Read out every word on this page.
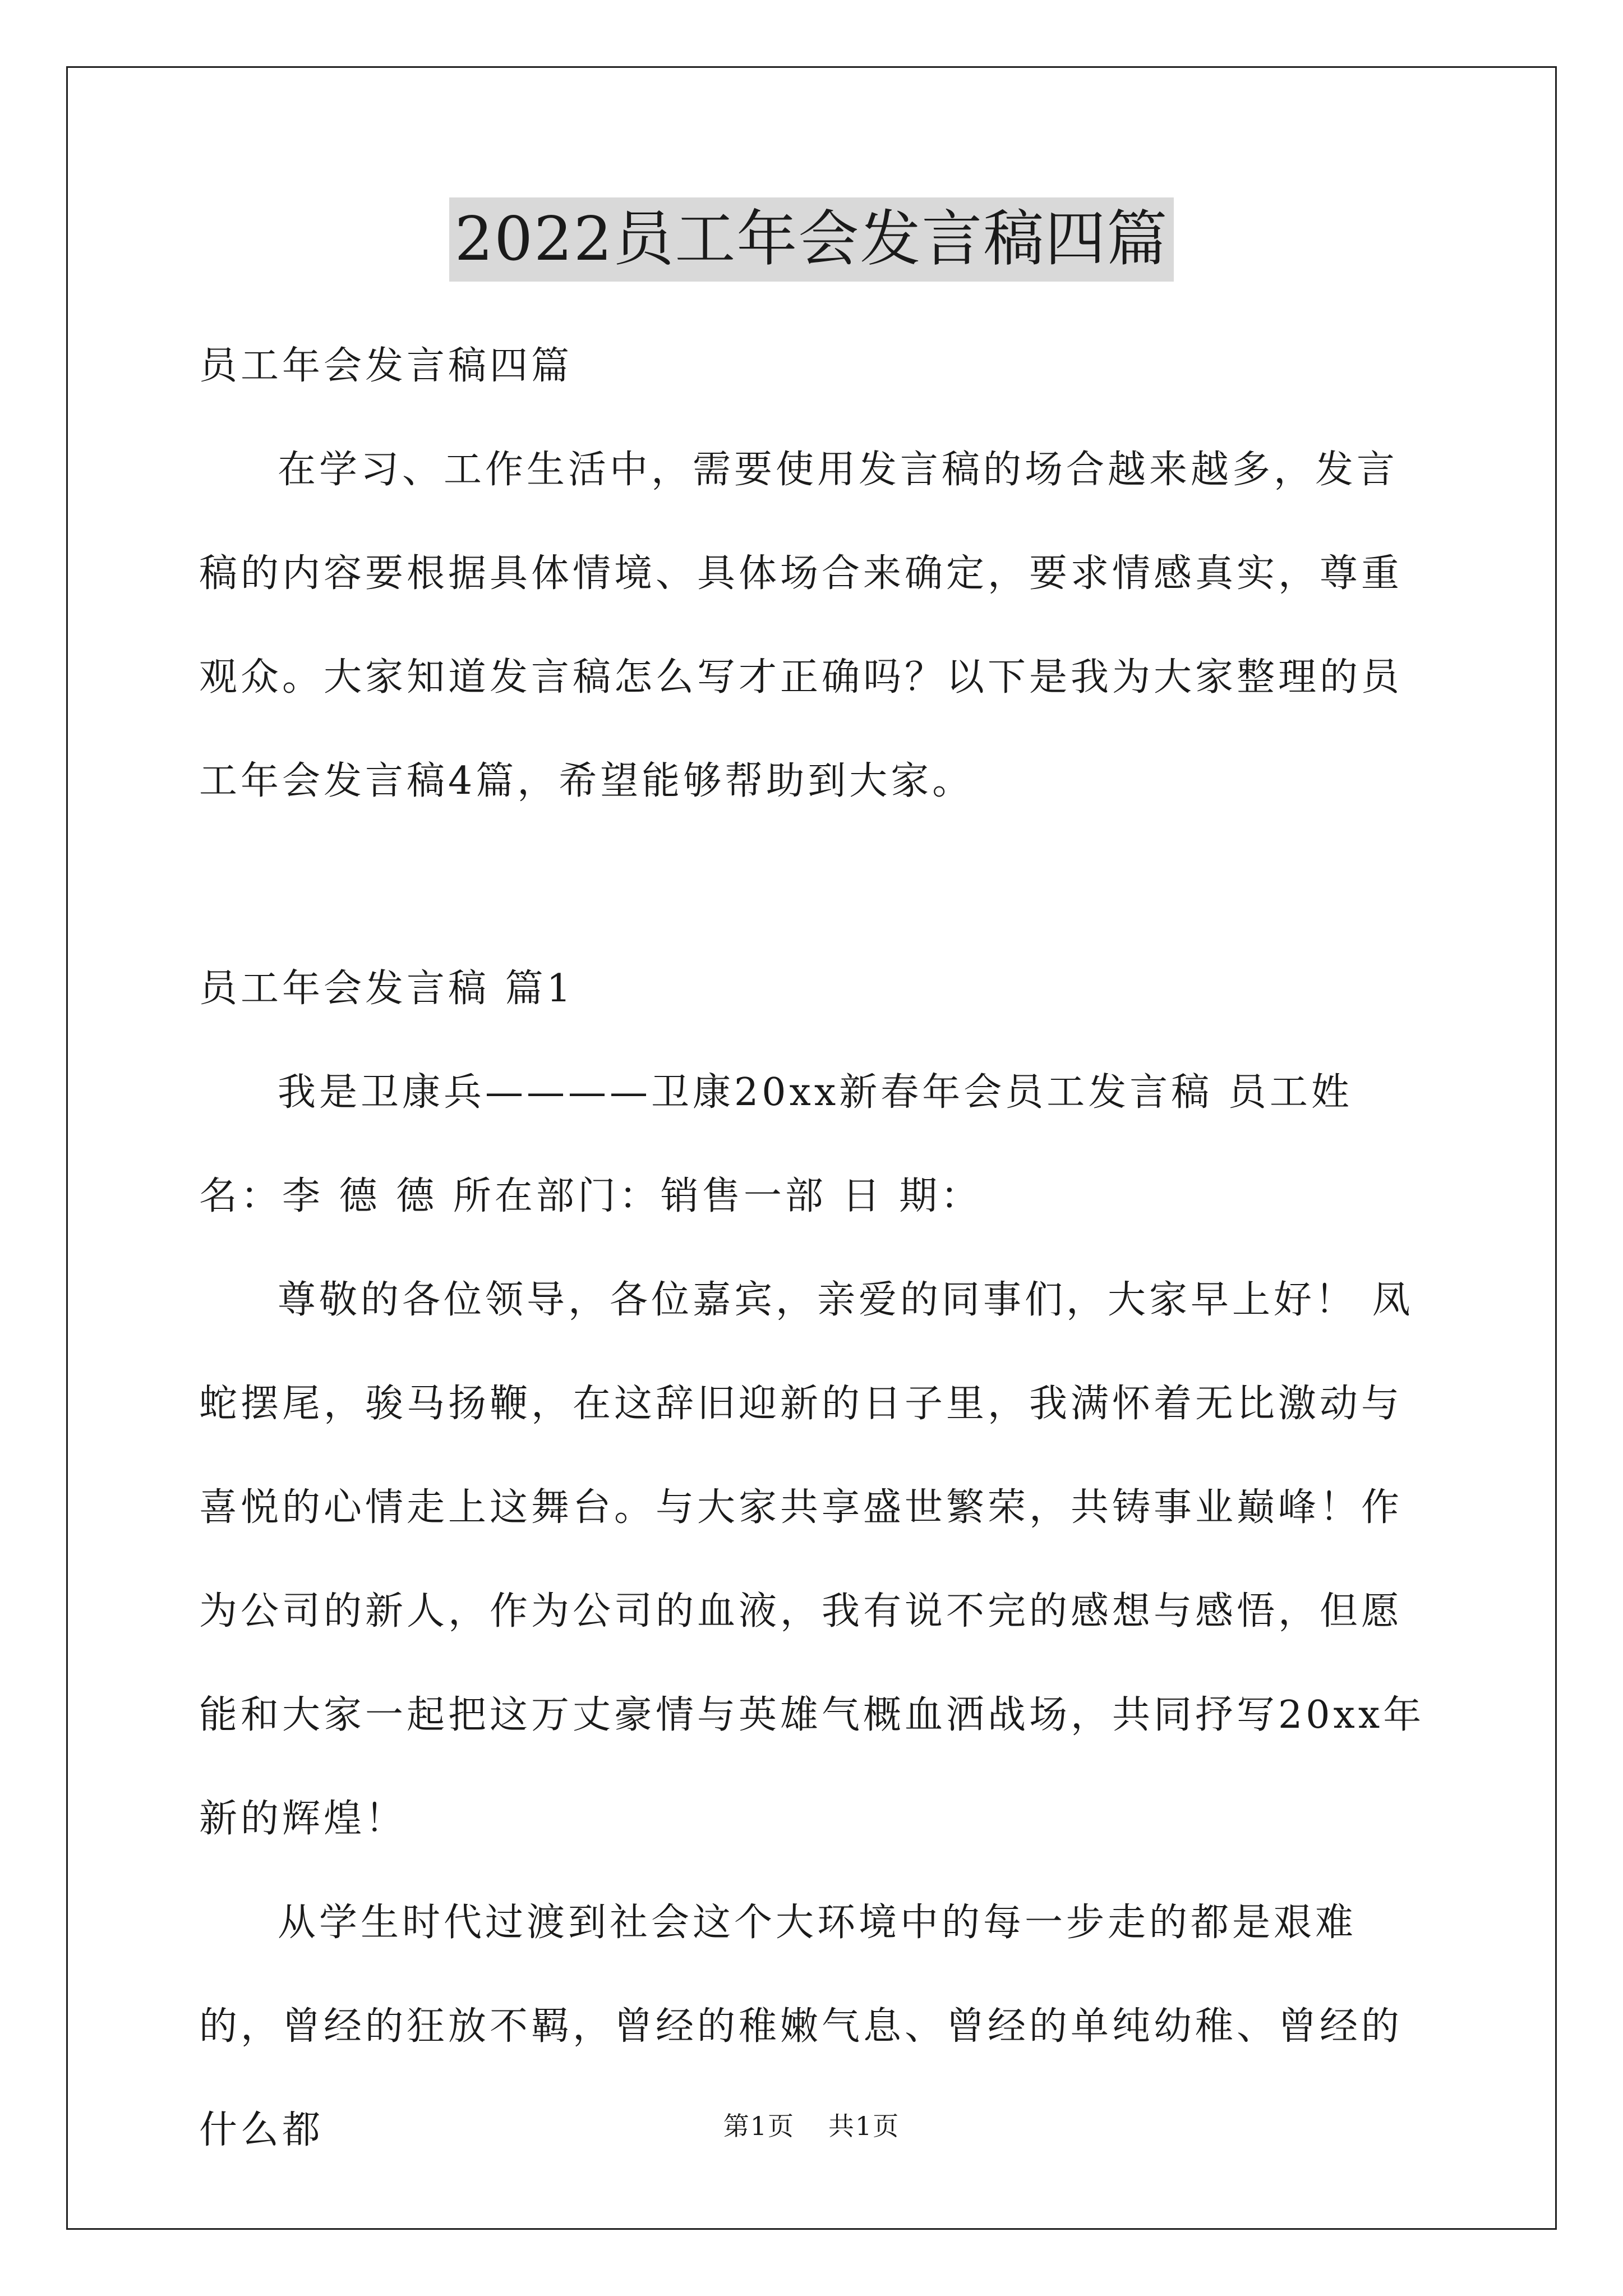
2022员工年会发言稿四篇

员工年会发言稿四篇

在学习、工作生活中，需要使用发言稿的场合越来越多，发言稿的内容要根据具体情境、具体场合来确定，要求情感真实，尊重观众。大家知道发言稿怎么写才正确吗？以下是我为大家整理的员工年会发言稿4篇，希望能够帮助到大家。

员工年会发言稿 篇1

我是卫康兵————卫康20xx新春年会员工发言稿 员工姓名：李 德 德 所在部门：销售一部 日 期：

尊敬的各位领导，各位嘉宾，亲爱的同事们，大家早上好！ 凤蛇摆尾，骏马扬鞭，在这辞旧迎新的日子里，我满怀着无比激动与喜悦的心情走上这舞台。与大家共享盛世繁荣，共铸事业巅峰！作为公司的新人，作为公司的血液，我有说不完的感想与感悟，但愿能和大家一起把这万丈豪情与英雄气概血洒战场，共同抒写20xx年新的辉煌！

从学生时代过渡到社会这个大环境中的每一步走的都是艰难的，曾经的狂放不羁，曾经的稚嫩气息、曾经的单纯幼稚、曾经的什么都	第1页 共1页
